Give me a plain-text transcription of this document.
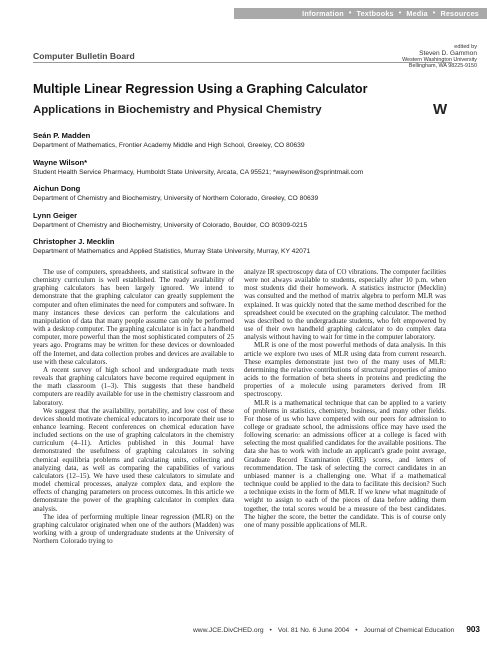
Information • Textbooks • Media • Resources
Computer Bulletin Board
edited by
Steven D. Gammon
Western Washington University
Bellingham, WA 98225-9150
Multiple Linear Regression Using a Graphing Calculator
Applications in Biochemistry and Physical Chemistry	W
Seán P. Madden
Department of Mathematics, Frontier Academy Middle and High School, Greeley, CO 80639
Wayne Wilson*
Student Health Service Pharmacy, Humboldt State University, Arcata, CA 95521; *waynewilson@sprintmail.com
Aichun Dong
Department of Chemistry and Biochemistry, University of Northern Colorado, Greeley, CO 80639
Lynn Geiger
Department of Chemistry and Biochemistry, University of Colorado, Boulder, CO 80309-0215
Christopher J. Mecklin
Department of Mathematics and Applied Statistics, Murray State University, Murray, KY 42071

The use of computers, spreadsheets, and statistical software in the chemistry curriculum is well established. The ready availability of graphing calculators has been largely ignored. We intend to demonstrate that the graphing calculator can greatly supplement the computer and often eliminates the need for computers and software. In many instances these devices can perform the calculations and manipulation of data that many people assume can only be performed with a desktop computer. The graphing calculator is in fact a handheld computer, more powerful than the most sophisticated computers of 25 years ago. Programs may be written for these devices or downloaded off the Internet, and data collection probes and devices are available to use with these calculators.

A recent survey of high school and undergraduate math texts reveals that graphing calculators have become required equipment in the math classroom (1–3). This suggests that these handheld computers are readily available for use in the chemistry classroom and laboratory.

We suggest that the availability, portability, and low cost of these devices should motivate chemical educators to incorporate their use to enhance learning. Recent conferences on chemical education have included sections on the use of graphing calculators in the chemistry curriculum (4–11). Articles published in this Journal have demonstrated the usefulness of graphing calculators in solving chemical equilibria problems and calculating units, collecting and analyzing data, as well as comparing the capabilities of various calculators (12–15). We have used these calculators to simulate and model chemical processes, analyze complex data, and explore the effects of changing parameters on process outcomes. In this article we demonstrate the power of the graphing calculator in complex data analysis.

The idea of performing multiple linear regression (MLR) on the graphing calculator originated when one of the authors (Madden) was working with a group of undergraduate students at the University of Northern Colorado trying to

analyze IR spectroscopy data of CO vibrations. The computer facilities were not always available to students, especially after 10 p.m. when most students did their homework. A statistics instructor (Mecklin) was consulted and the method of matrix algebra to perform MLR was explained. It was quickly noted that the same method described for the spreadsheet could be executed on the graphing calculator. The method was described to the undergraduate students, who felt empowered by use of their own handheld graphing calculator to do complex data analysis without having to wait for time in the computer laboratory.

MLR is one of the most powerful methods of data analysis. In this article we explore two uses of MLR using data from current research. These examples demonstrate just two of the many uses of MLR: determining the relative contributions of structural properties of amino acids to the formation of beta sheets in proteins and predicting the properties of a molecule using parameters derived from IR spectroscopy.

MLR is a mathematical technique that can be applied to a variety of problems in statistics, chemistry, business, and many other fields. For those of us who have competed with our peers for admission to college or graduate school, the admissions office may have used the following scenario: an admissions officer at a college is faced with selecting the most qualified candidates for the available positions. The data she has to work with include an applicant's grade point average, Graduate Record Examination (GRE) scores, and letters of recommendation. The task of selecting the correct candidates in an unbiased manner is a challenging one. What if a mathematical technique could be applied to the data to facilitate this decision? Such a technique exists in the form of MLR. If we knew what magnitude of weight to assign to each of the pieces of data before adding them together, the total scores would be a measure of the best candidates. The higher the score, the better the candidate. This is of course only one of many possible applications of MLR.

www.JCE.DivCHED.org • Vol. 81 No. 6 June 2004 • Journal of Chemical Education 903
